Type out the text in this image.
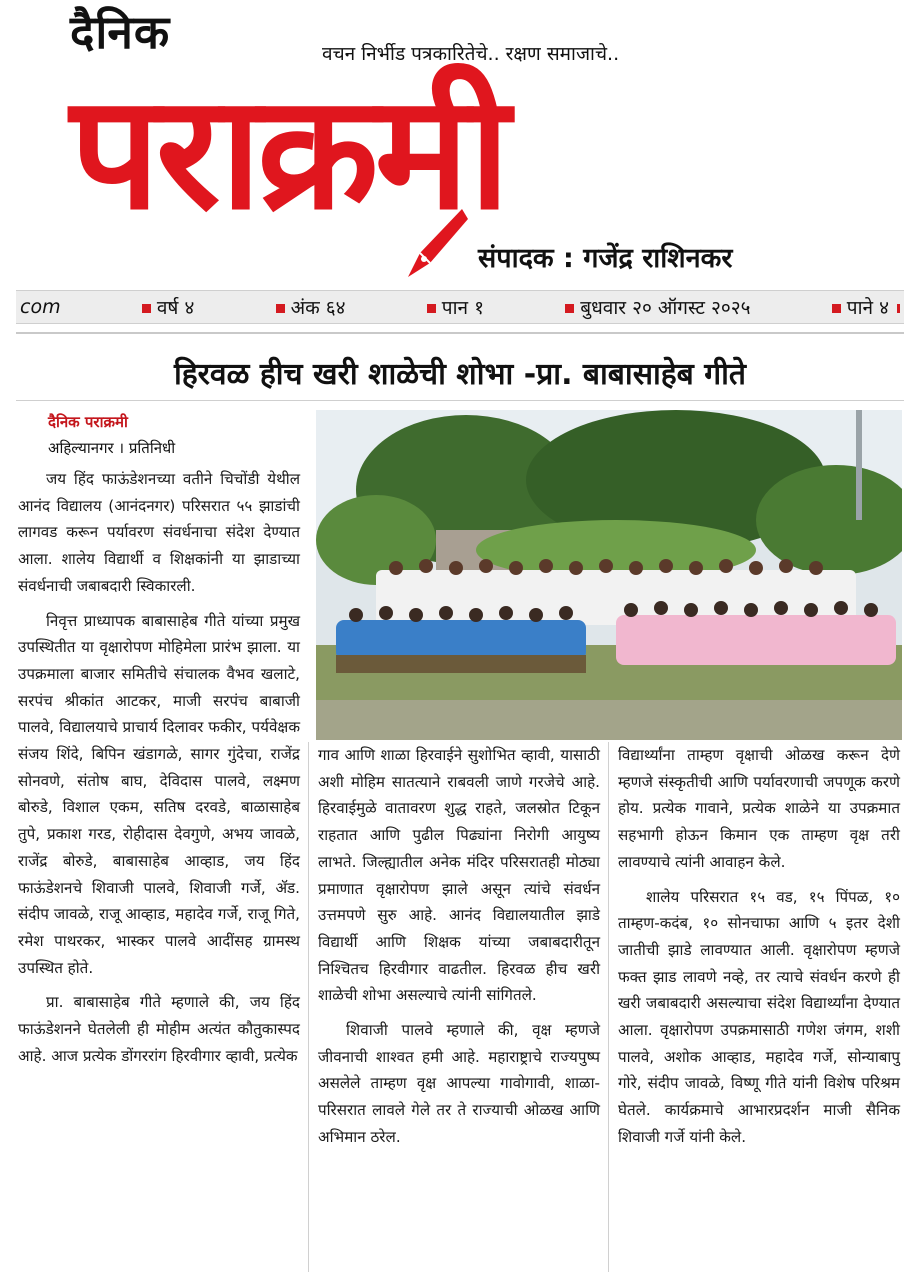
दैनिक	वचन निर्भीड पत्रकारितेचे.. रक्षण समाजाचे..
पराक्रमी
संपादक : गजेंद्र राशिनकर
com	वर्ष ४	अंक ६४	पान १	बुधवार २० ऑगस्ट २०२५	पाने ४
हिरवळ हीच खरी शाळेची शोभा -प्रा. बाबासाहेब गीते
दैनिक पराक्रमी
अहिल्यानगर । प्रतिनिधी

जय हिंद फाऊंडेशनच्या वतीने चिचोंडी येथील आनंद विद्यालय (आनंदनगर) परिसरात ५५ झाडांची लागवड करून पर्यावरण संवर्धनाचा संदेश देण्यात आला. शालेय विद्यार्थी व शिक्षकांनी या झाडाच्या संवर्धनाची जबाबदारी स्विकारली.

निवृत्त प्राध्यापक बाबासाहेब गीते यांच्या प्रमुख उपस्थितीत या वृक्षारोपण मोहिमेला प्रारंभ झाला. या उपक्रमाला बाजार समितीचे संचालक वैभव खलाटे, सरपंच श्रीकांत आटकर, माजी सरपंच बाबाजी पालवे, विद्यालयाचे प्राचार्य दिलावर फकीर, पर्यवेक्षक संजय शिंदे, बिपिन खंडागळे, सागर गुंदेचा, राजेंद्र सोनवणे, संतोष बाघ, देविदास पालवे, लक्ष्मण बोरुडे, विशाल एकम, सतिष दरवडे, बाळासाहेब तुपे, प्रकाश गरड, रोहीदास देवगुणे, अभय जावळे, राजेंद्र बोरुडे, बाबासाहेब आव्हाड, जय हिंद फाऊंडेशनचे शिवाजी पालवे, शिवाजी गर्जे, ॲड. संदीप जावळे, राजू आव्हाड, महादेव गर्जे, राजू गिते, रमेश पाथरकर, भास्कर पालवे आदींसह ग्रामस्थ उपस्थित होते.

प्रा. बाबासाहेब गीते म्हणाले की, जय हिंद फाऊंडेशनने घेतलेली ही मोहीम अत्यंत कौतुकास्पद आहे. आज प्रत्येक डोंगररांग हिरवीगार व्हावी, प्रत्येक

गाव आणि शाळा हिरवाईने सुशोभित व्हावी, यासाठी अशी मोहिम सातत्याने राबवली जाणे गरजेचे आहे. हिरवाईमुळे वातावरण शुद्ध राहते, जलस्रोत टिकून राहतात आणि पुढील पिढ्यांना निरोगी आयुष्य लाभते. जिल्ह्यातील अनेक मंदिर परिसरातही मोठ्या प्रमाणात वृक्षारोपण झाले असून त्यांचे संवर्धन उत्तमपणे सुरु आहे. आनंद विद्यालयातील झाडे विद्यार्थी आणि शिक्षक यांच्या जबाबदारीतून निश्चितच हिरवीगार वाढतील. हिरवळ हीच खरी शाळेची शोभा असल्याचे त्यांनी सांगितले.

शिवाजी पालवे म्हणाले की, वृक्ष म्हणजे जीवनाची शाश्वत हमी आहे. महाराष्ट्राचे राज्यपुष्प असलेले ताम्हण वृक्ष आपल्या गावोगावी, शाळा-परिसरात लावले गेले तर ते राज्याची ओळख आणि अभिमान ठरेल.

विद्यार्थ्यांना ताम्हण वृक्षाची ओळख करून देणे म्हणजे संस्कृतीची आणि पर्यावरणाची जपणूक करणे होय. प्रत्येक गावाने, प्रत्येक शाळेने या उपक्रमात सहभागी होऊन किमान एक ताम्हण वृक्ष तरी लावण्याचे त्यांनी आवाहन केले.

शालेय परिसरात १५ वड, १५ पिंपळ, १० ताम्हण-कदंब, १० सोनचाफा आणि ५ इतर देशी जातीची झाडे लावण्यात आली. वृक्षारोपण म्हणजे फक्त झाड लावणे नव्हे, तर त्याचे संवर्धन करणे ही खरी जबाबदारी असल्याचा संदेश विद्यार्थ्यांना देण्यात आला. वृक्षारोपण उपक्रमासाठी गणेश जंगम, शशी पालवे, अशोक आव्हाड, महादेव गर्जे, सोन्याबापु गोरे, संदीप जावळे, विष्णू गीते यांनी विशेष परिश्रम घेतले. कार्यक्रमाचे आभारप्रदर्शन माजी सैनिक शिवाजी गर्जे यांनी केले.
